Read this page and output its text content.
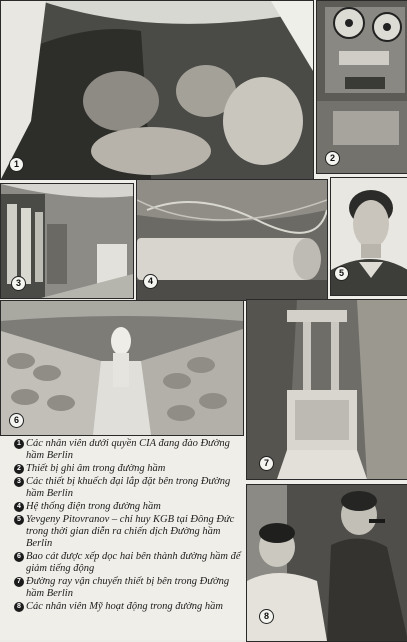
1
2
3	4
5
6
7
8
1 Các nhân viên dưới quyền CIA đang đào Đường hầm Berlin
2 Thiết bị ghi âm trong đường hầm
3 Các thiết bị khuếch đại lắp đặt bên trong Đường hầm Berlin
4 Hệ thống điện trong đường hầm
5 Yevgeny Pitovranov – chỉ huy KGB tại Đông Đức trong thời gian diễn ra chiến dịch Đường hầm Berlin
6 Bao cát được xếp dọc hai bên thành đường hầm để giảm tiếng động
7 Đường ray vận chuyển thiết bị bên trong Đường hầm Berlin
8 Các nhân viên Mỹ hoạt động trong đường hầm
